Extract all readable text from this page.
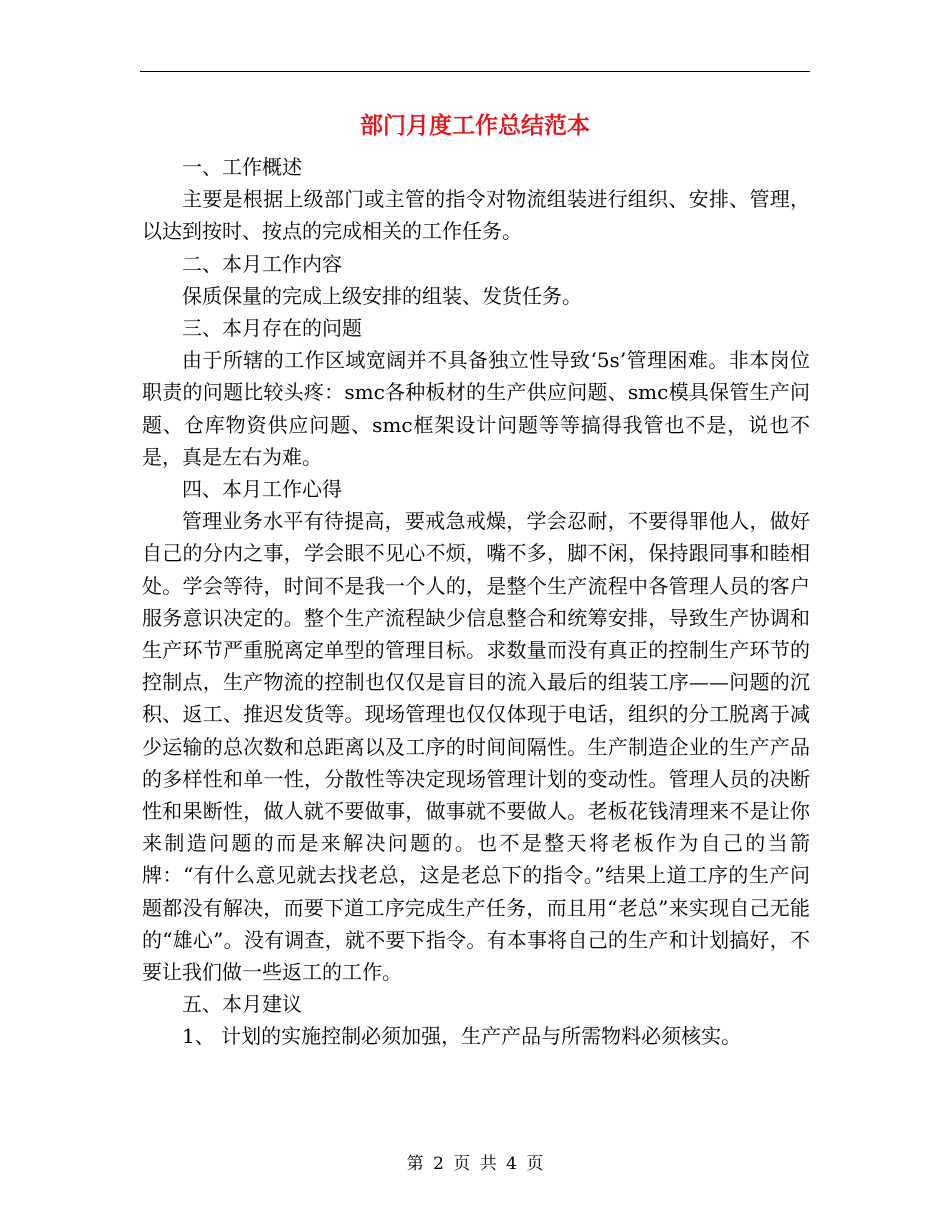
部门月度工作总结范本

一、工作概述

主要是根据上级部门或主管的指令对物流组装进行组织、安排、管理，以达到按时、按点的完成相关的工作任务。

二、本月工作内容

保质保量的完成上级安排的组装、发货任务。

三、本月存在的问题

由于所辖的工作区域宽阔并不具备独立性导致‘5s’管理困难。非本岗位职责的问题比较头疼：smc各种板材的生产供应问题、smc模具保管生产问题、仓库物资供应问题、smc框架设计问题等等搞得我管也不是，说也不是，真是左右为难。

四、本月工作心得

管理业务水平有待提高，要戒急戒燥，学会忍耐，不要得罪他人，做好自己的分内之事，学会眼不见心不烦，嘴不多，脚不闲，保持跟同事和睦相处。学会等待，时间不是我一个人的，是整个生产流程中各管理人员的客户服务意识决定的。整个生产流程缺少信息整合和统筹安排，导致生产协调和生产环节严重脱离定单型的管理目标。求数量而没有真正的控制生产环节的控制点，生产物流的控制也仅仅是盲目的流入最后的组装工序——问题的沉积、返工、推迟发货等。现场管理也仅仅体现于电话，组织的分工脱离于减少运输的总次数和总距离以及工序的时间间隔性。生产制造企业的生产产品的多样性和单一性，分散性等决定现场管理计划的变动性。管理人员的决断性和果断性，做人就不要做事，做事就不要做人。老板花钱清理来不是让你来制造问题的而是来解决问题的。也不是整天将老板作为自己的当箭牌：“有什么意见就去找老总，这是老总下的指令。”结果上道工序的生产问题都没有解决，而要下道工序完成生产任务，而且用“老总”来实现自己无能的“雄心”。没有调查，就不要下指令。有本事将自己的生产和计划搞好，不要让我们做一些返工的工作。

五、本月建议

1、 计划的实施控制必须加强，生产产品与所需物料必须核实。

第 2 页 共 4 页
